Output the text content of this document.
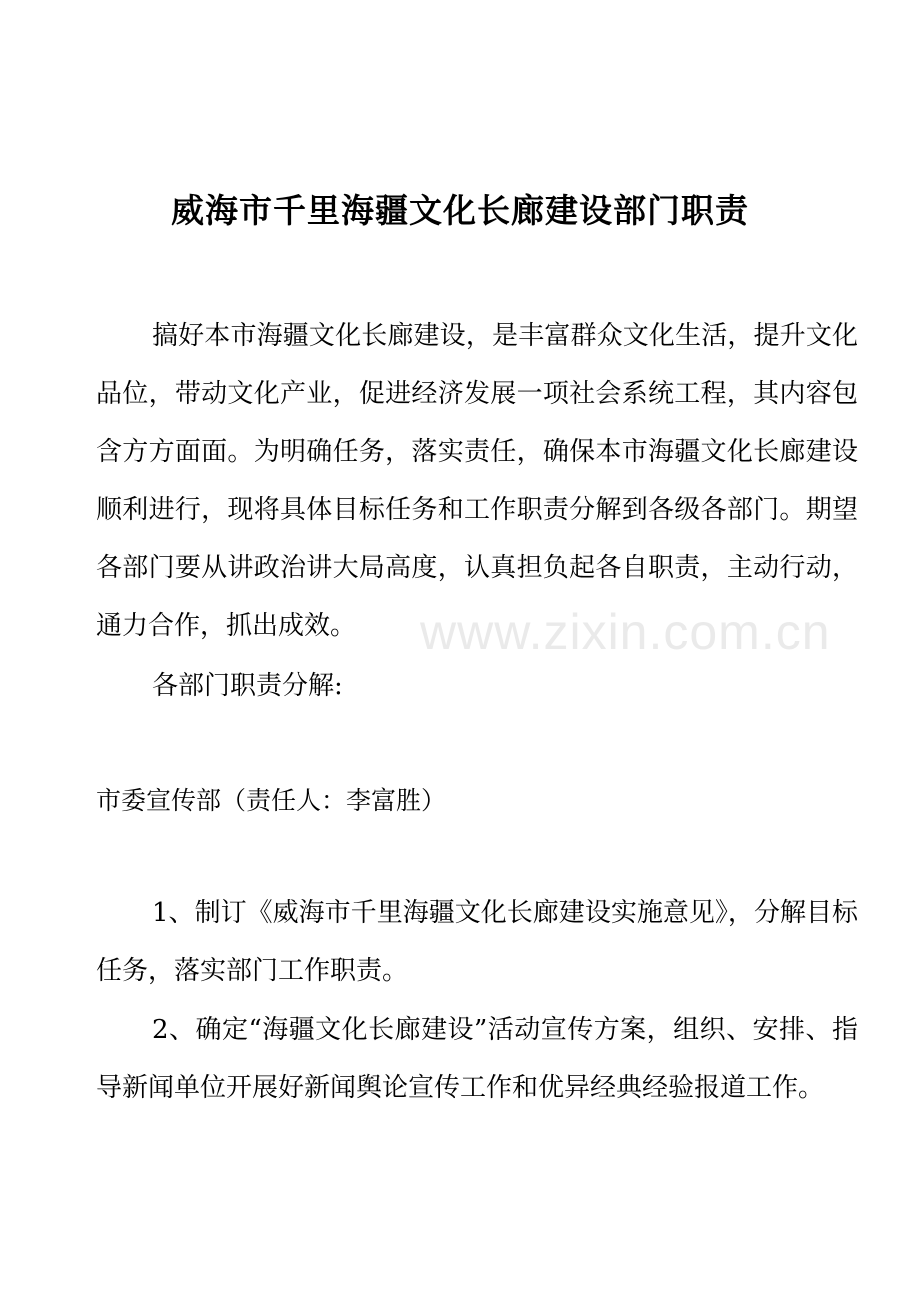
威海市千里海疆文化长廊建设部门职责

搞好本市海疆文化长廊建设，是丰富群众文化生活，提升文化品位，带动文化产业，促进经济发展一项社会系统工程，其内容包含方方面面。为明确任务，落实责任，确保本市海疆文化长廊建设顺利进行，现将具体目标任务和工作职责分解到各级各部门。期望各部门要从讲政治讲大局高度，认真担负起各自职责，主动行动，通力合作，抓出成效。

各部门职责分解:

市委宣传部（责任人：李富胜）

1、制订《威海市千里海疆文化长廊建设实施意见》，分解目标任务，落实部门工作职责。

2、确定“海疆文化长廊建设”活动宣传方案，组织、安排、指导新闻单位开展好新闻舆论宣传工作和优异经典经验报道工作。

www.zixin.com.cn
